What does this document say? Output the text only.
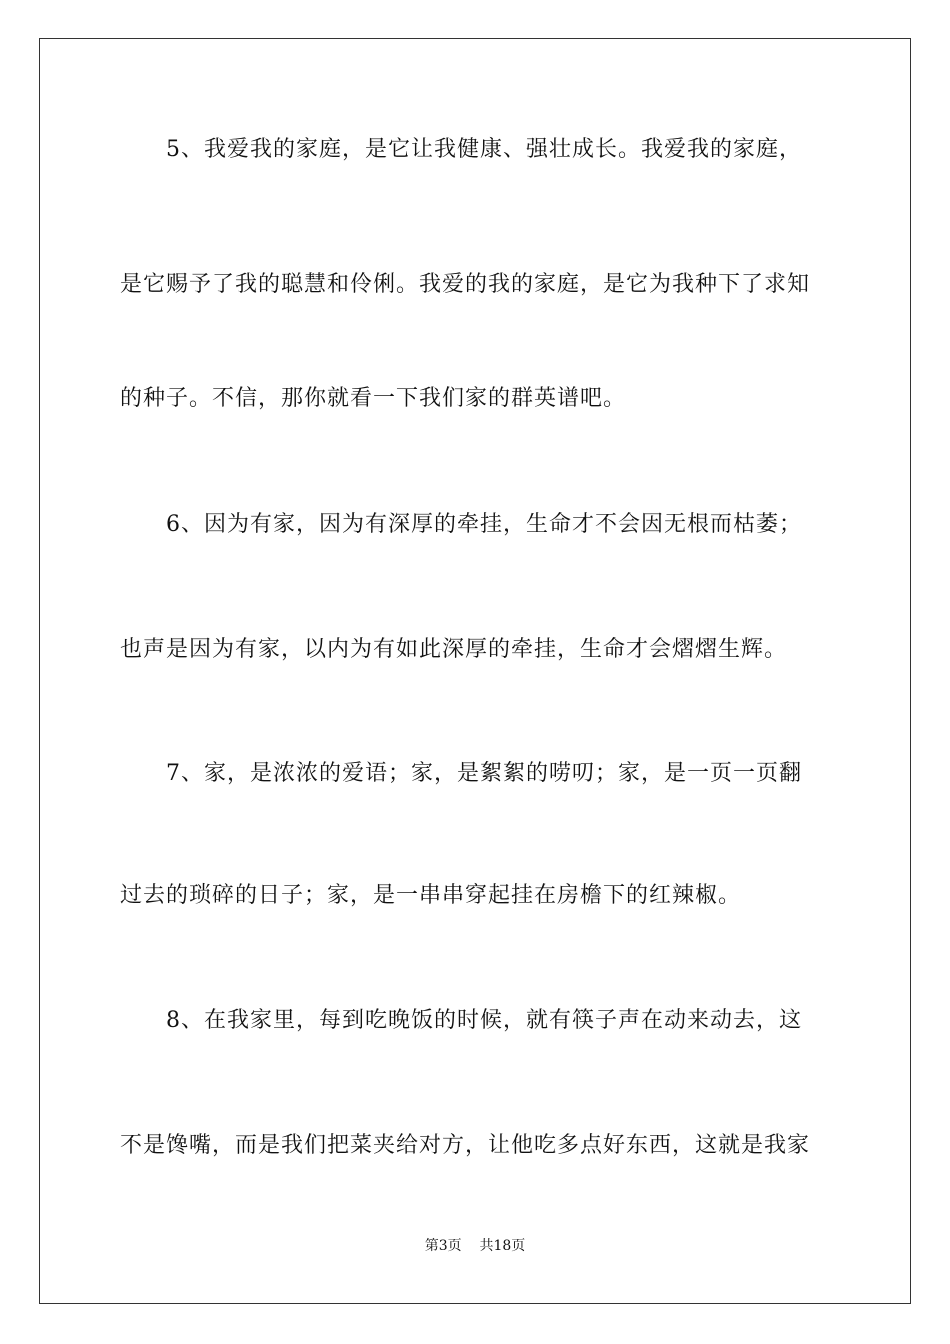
5、我爱我的家庭，是它让我健康、强壮成长。我爱我的家庭，
是它赐予了我的聪慧和伶俐。我爱的我的家庭，是它为我种下了求知
的种子。不信，那你就看一下我们家的群英谱吧。
6、因为有家，因为有深厚的牵挂，生命才不会因无根而枯萎；
也声是因为有家，以内为有如此深厚的牵挂，生命才会熠熠生辉。
7、家，是浓浓的爱语；家，是絮絮的唠叨；家，是一页一页翻
过去的琐碎的日子；家，是一串串穿起挂在房檐下的红辣椒。
8、在我家里，每到吃晚饭的时候，就有筷子声在动来动去，这
不是馋嘴，而是我们把菜夹给对方，让他吃多点好东西，这就是我家
第3页 共18页
